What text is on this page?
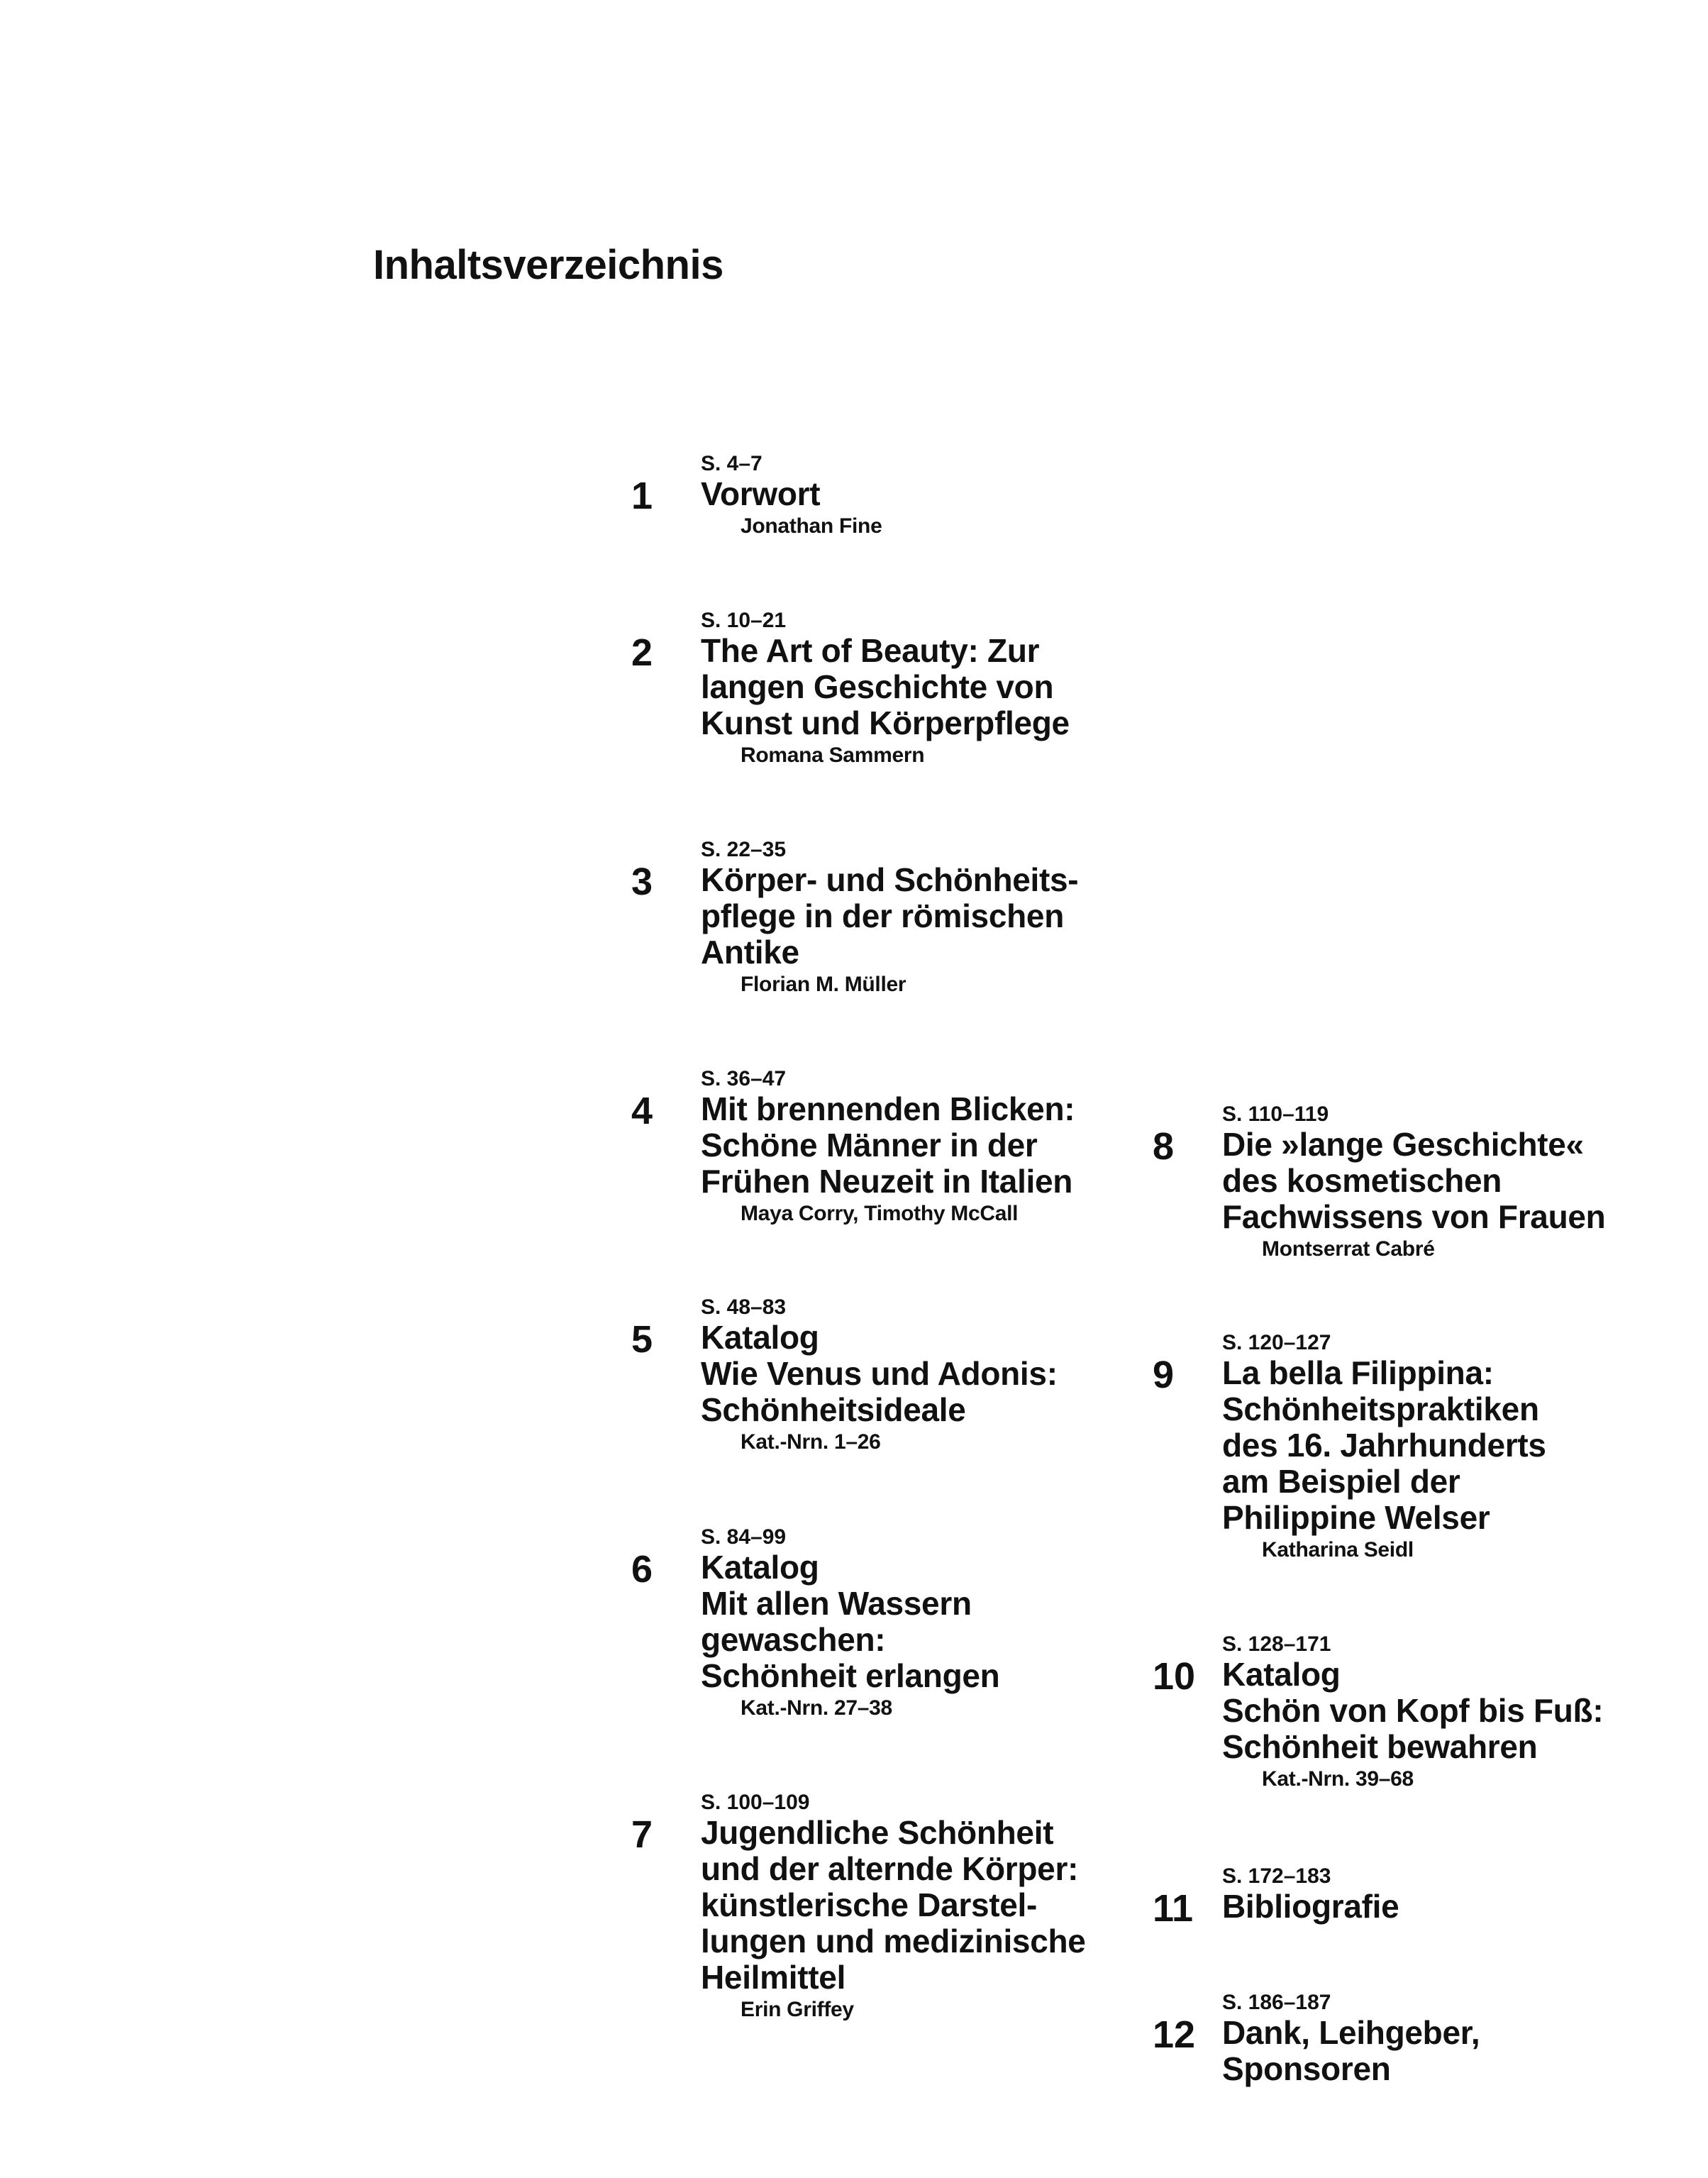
Inhaltsverzeichnis
1
S. 4–7
Vorwort
Jonathan Fine
2
S. 10–21
The Art of Beauty: Zur
langen Geschichte von
Kunst und Körperpflege
Romana Sammern
3
S. 22–35
Körper- und Schönheits-
pflege in der römischen
Antike
Florian M. Müller
4
S. 36–47
Mit brennenden Blicken:
Schöne Männer in der
Frühen Neuzeit in Italien
Maya Corry, Timothy McCall
5
S. 48–83
Katalog
Wie Venus und Adonis:
Schönheitsideale
Kat.-Nrn. 1–26
6
S. 84–99
Katalog
Mit allen Wassern
gewaschen:
Schönheit erlangen
Kat.-Nrn. 27–38
7
S. 100–109
Jugendliche Schönheit
und der alternde Körper:
künstlerische Darstel-
lungen und medizinische
Heilmittel
Erin Griffey
8
S. 110–119
Die »lange Geschichte«
des kosmetischen
Fachwissens von Frauen
Montserrat Cabré
9
S. 120–127
La bella Filippina:
Schönheitspraktiken
des 16. Jahrhunderts
am Beispiel der
Philippine Welser
Katharina Seidl
10
S. 128–171
Katalog
Schön von Kopf bis Fuß:
Schönheit bewahren
Kat.-Nrn. 39–68
11
S. 172–183
Bibliografie
12
S. 186–187
Dank, Leihgeber,
Sponsoren
